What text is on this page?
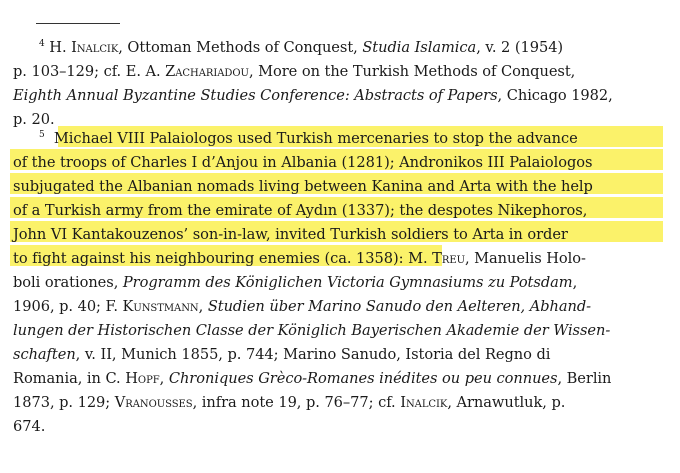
$^4$ H. Inalcik, Ottoman Methods of Conquest, Studia Islamica, v. 2 (1954)
p. 103–129; cf. E. A. Zachariadou, More on the Turkish Methods of Conquest,
Eighth Annual Byzantine Studies Conference: Abstracts of Papers, Chicago 1982,
p. 20.
$^5$ Michael VIII Palaiologos used Turkish mercenaries to stop the advance
of the troops of Charles I d’Anjou in Albania (1281); Andronikos III Palaiologos
subjugated the Albanian nomads living between Kanina and Arta with the help
of a Turkish army from the emirate of Aydın (1337); the despotes Nikephoros,
John VI Kantakouzenos’ son-in-law, invited Turkish soldiers to Arta in order
to fight against his neighbouring enemies (ca. 1358): M. Treu, Manuelis Holo-
boli orationes, Programm des Königlichen Victoria Gymnasiums zu Potsdam,
1906, p. 40; F. Kunstmann, Studien über Marino Sanudo den Aelteren, Abhand-
lungen der Historischen Classe der Königlich Bayerischen Akademie der Wissen-
schaften, v. II, Munich 1855, p. 744; Marino Sanudo, Istoria del Regno di
Romania, in C. Hopf, Chroniques Grèco-Romanes inédites ou peu connues, Berlin
1873, p. 129; Vranousses, infra note 19, p. 76–77; cf. Inalcik, Arnawutluk, p.
674.
